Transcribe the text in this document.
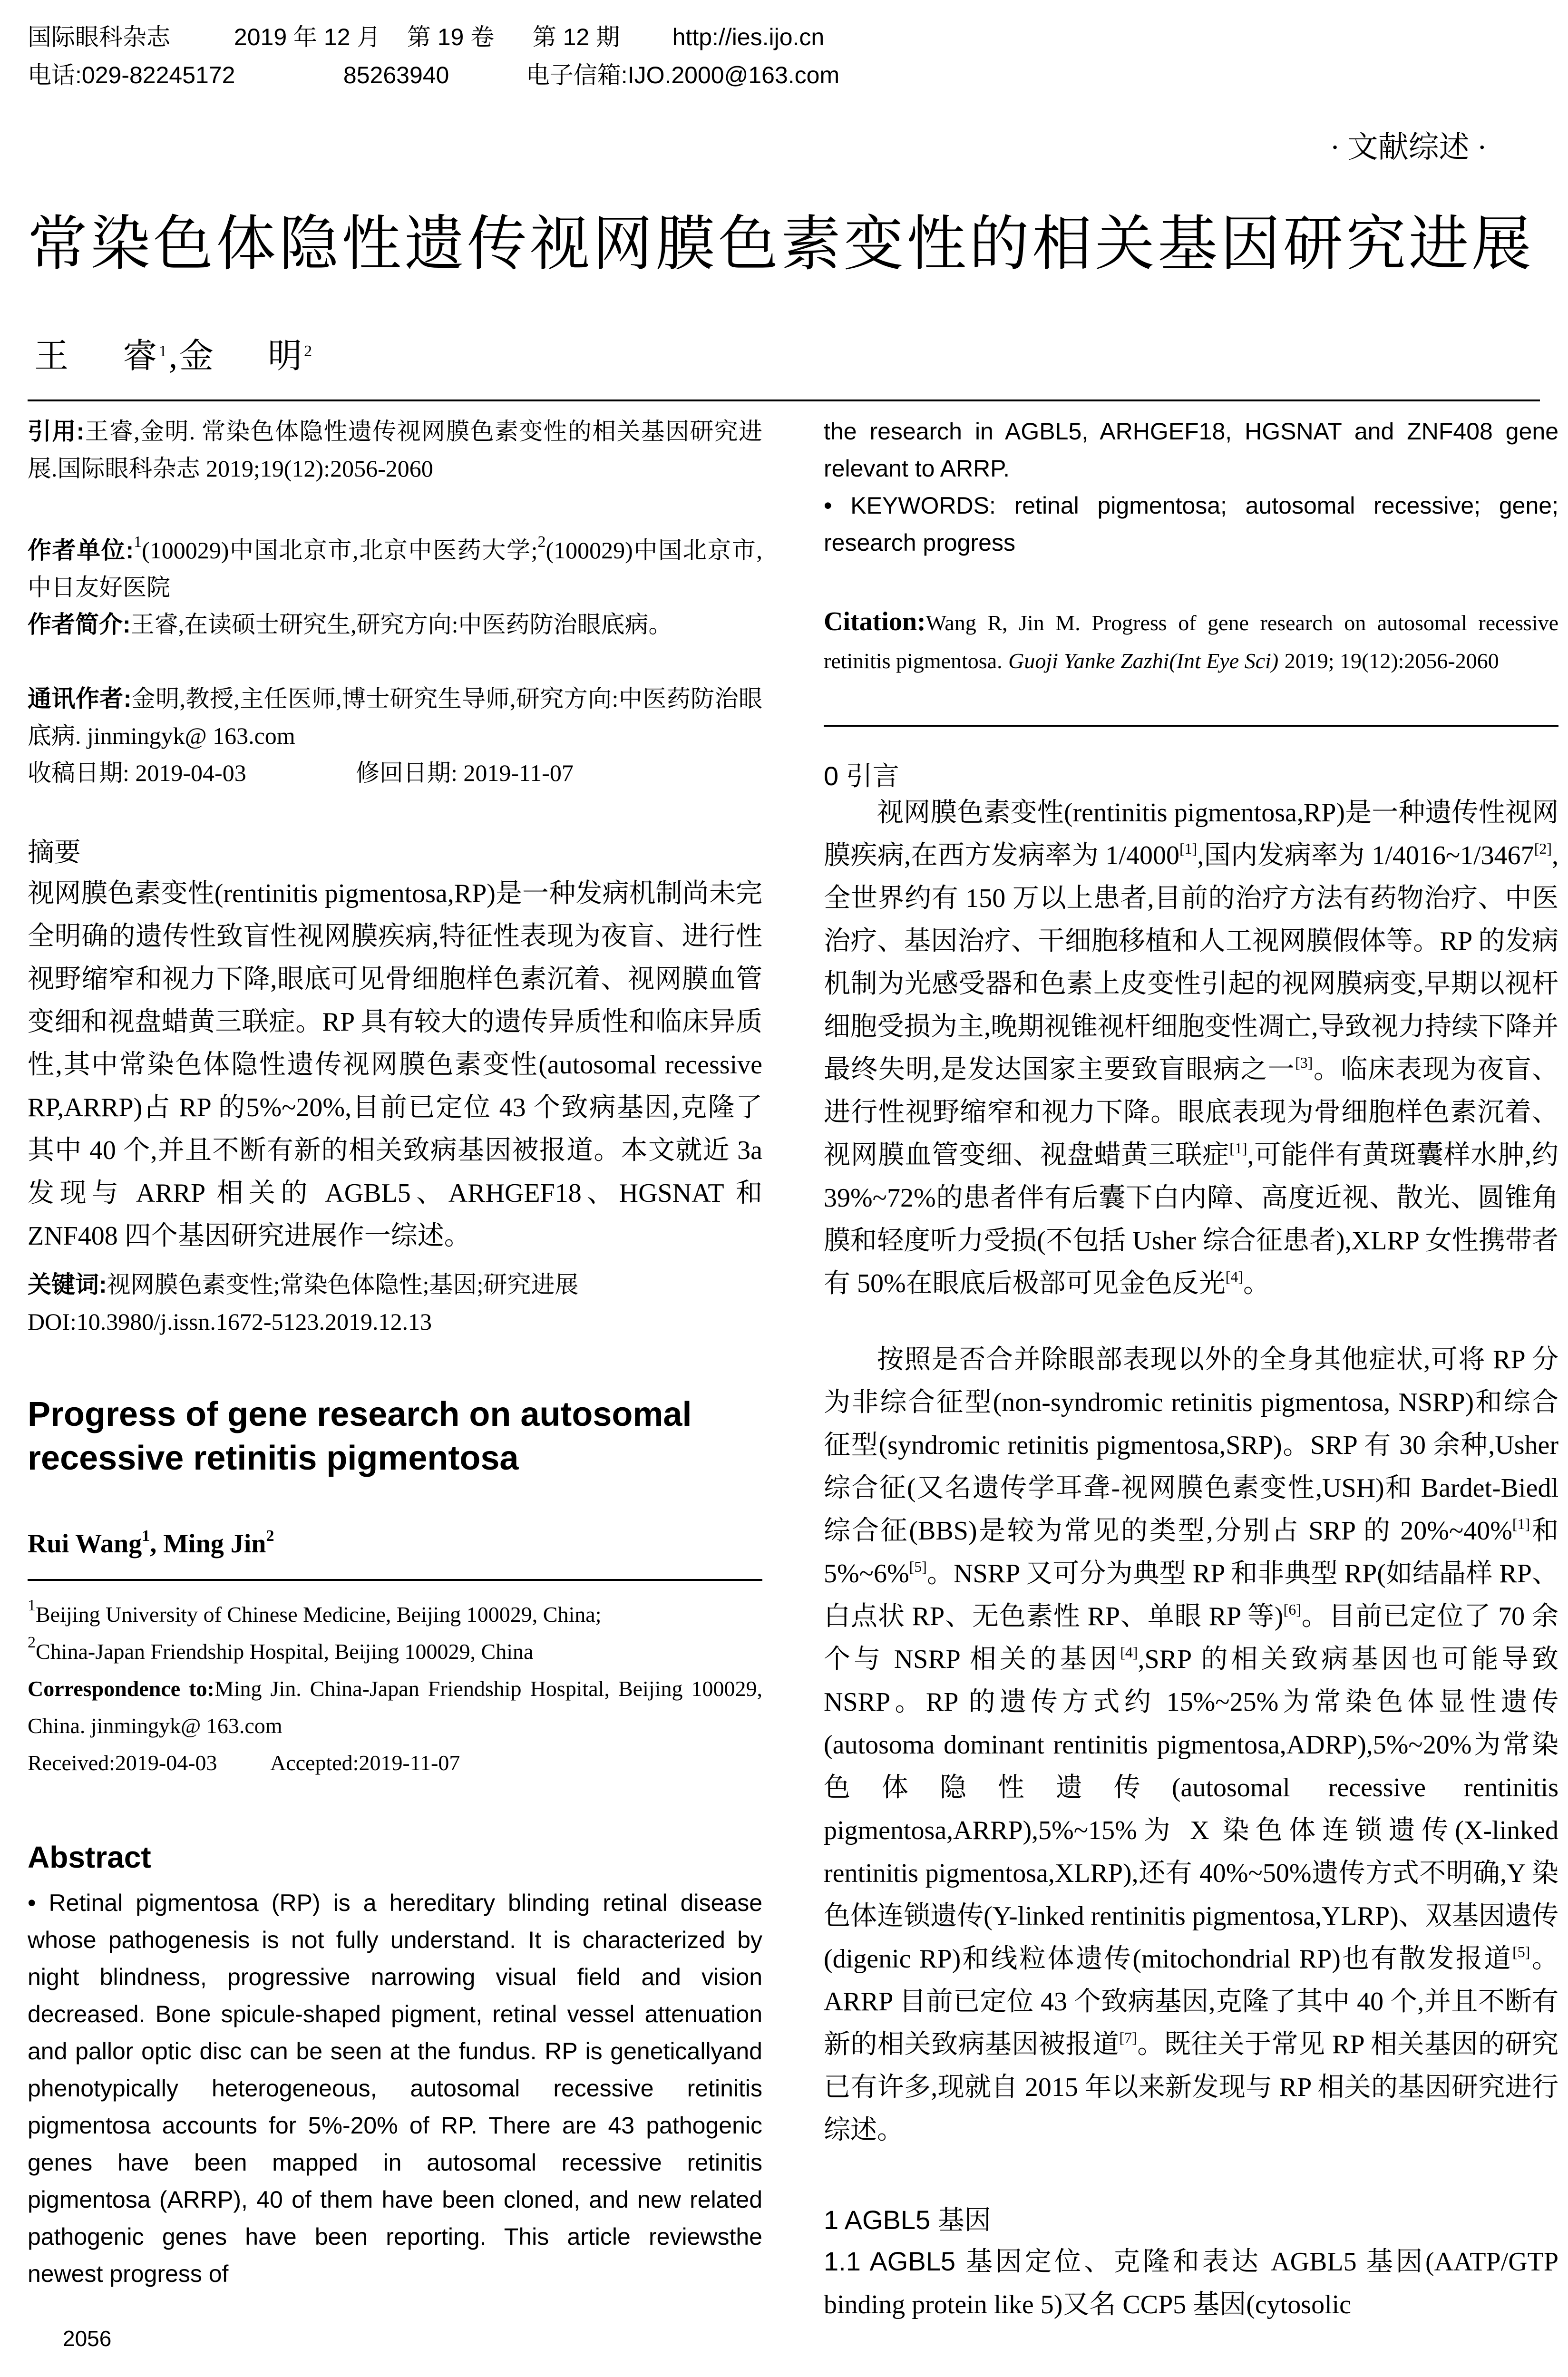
国际眼科杂志	2019 年 12 月 第 19 卷 第 12 期 http://ies.ijo.cn
电话:029-82245172	85263940	电子信箱:IJO.2000@163.com
· 文献综述 ·
常染色体隐性遗传视网膜色素变性的相关基因研究进展
王 睿$^1$,金 明$^2$
引用:王睿,金明. 常染色体隐性遗传视网膜色素变性的相关基因研究进展.国际眼科杂志 2019;19(12):2056-2060
作者单位:$^1$(100029)中国北京市,北京中医药大学;$^2$(100029)中国北京市,中日友好医院
作者简介:王睿,在读硕士研究生,研究方向:中医药防治眼底病。
通讯作者:金明,教授,主任医师,博士研究生导师,研究方向:中医药防治眼底病. jinmingyk@ 163.com
收稿日期: 2019-04-03	修回日期: 2019-11-07
摘要
视网膜色素变性(rentinitis pigmentosa,RP)是一种发病机制尚未完全明确的遗传性致盲性视网膜疾病,特征性表现为夜盲、进行性视野缩窄和视力下降,眼底可见骨细胞样色素沉着、视网膜血管变细和视盘蜡黄三联症。RP 具有较大的遗传异质性和临床异质性,其中常染色体隐性遗传视网膜色素变性(autosomal recessive RP,ARRP)占 RP 的5%~20%,目前已定位 43 个致病基因,克隆了其中 40 个,并且不断有新的相关致病基因被报道。本文就近 3a 发现与 ARRP 相关的 AGBL5、ARHGEF18、HGSNAT 和 ZNF408 四个基因研究进展作一综述。
关键词:视网膜色素变性;常染色体隐性;基因;研究进展
DOI:10.3980/j.issn.1672-5123.2019.12.13
Progress of gene research on autosomal recessive retinitis pigmentosa
Rui Wang$^1$, Ming Jin$^2$
$^1$Beijing University of Chinese Medicine, Beijing 100029, China;
$^2$China-Japan Friendship Hospital, Beijing 100029, China
Correspondence to:Ming Jin. China-Japan Friendship Hospital, Beijing 100029, China. jinmingyk@ 163.com
Received:2019-04-03 Accepted:2019-11-07
Abstract
• Retinal pigmentosa (RP) is a hereditary blinding retinal disease whose pathogenesis is not fully understand. It is characterized by night blindness, progressive narrowing visual field and vision decreased. Bone spicule-shaped pigment, retinal vessel attenuation and pallor optic disc can be seen at the fundus. RP is geneticallyand phenotypically heterogeneous, autosomal recessive retinitis pigmentosa accounts for 5%-20% of RP. There are 43 pathogenic genes have been mapped in autosomal recessive retinitis pigmentosa (ARRP), 40 of them have been cloned, and new related pathogenic genes have been reporting. This article reviewsthe newest progress of
the research in AGBL5, ARHGEF18, HGSNAT and ZNF408 gene relevant to ARRP.
• KEYWORDS: retinal pigmentosa; autosomal recessive; gene; research progress
Citation:Wang R, Jin M. Progress of gene research on autosomal recessive retinitis pigmentosa. Guoji Yanke Zazhi(Int Eye Sci) 2019; 19(12):2056-2060
0 引言
视网膜色素变性(rentinitis pigmentosa,RP)是一种遗传性视网膜疾病,在西方发病率为 1/4000[1],国内发病率为 1/4016~1/3467[2],全世界约有 150 万以上患者,目前的治疗方法有药物治疗、中医治疗、基因治疗、干细胞移植和人工视网膜假体等。RP 的发病机制为光感受器和色素上皮变性引起的视网膜病变,早期以视杆细胞受损为主,晚期视锥视杆细胞变性凋亡,导致视力持续下降并最终失明,是发达国家主要致盲眼病之一[3]。临床表现为夜盲、进行性视野缩窄和视力下降。眼底表现为骨细胞样色素沉着、视网膜血管变细、视盘蜡黄三联症[1],可能伴有黄斑囊样水肿,约 39%~72%的患者伴有后囊下白内障、高度近视、散光、圆锥角膜和轻度听力受损(不包括 Usher 综合征患者),XLRP 女性携带者有 50%在眼底后极部可见金色反光[4]。
按照是否合并除眼部表现以外的全身其他症状,可将 RP 分为非综合征型(non-syndromic retinitis pigmentosa, NSRP)和综合征型(syndromic retinitis pigmentosa,SRP)。SRP 有 30 余种,Usher 综合征(又名遗传学耳聋-视网膜色素变性,USH)和 Bardet-Biedl 综合征(BBS)是较为常见的类型,分别占 SRP 的 20%~40%[1]和 5%~6%[5]。NSRP 又可分为典型 RP 和非典型 RP(如结晶样 RP、白点状 RP、无色素性 RP、单眼 RP 等)[6]。目前已定位了 70 余个与 NSRP 相关的基因[4],SRP 的相关致病基因也可能导致 NSRP。RP 的遗传方式约 15%~25%为常染色体显性遗传(autosoma dominant rentinitis pigmentosa,ADRP),5%~20%为常染色体隐性遗传(autosomal recessive rentinitis pigmentosa,ARRP),5%~15%为 X 染色体连锁遗传(X-linked rentinitis pigmentosa,XLRP),还有 40%~50%遗传方式不明确,Y 染色体连锁遗传(Y-linked rentinitis pigmentosa,YLRP)、双基因遗传(digenic RP)和线粒体遗传(mitochondrial RP)也有散发报道[5]。ARRP 目前已定位 43 个致病基因,克隆了其中 40 个,并且不断有新的相关致病基因被报道[7]。既往关于常见 RP 相关基因的研究已有许多,现就自 2015 年以来新发现与 RP 相关的基因研究进行综述。
1 AGBL5 基因
1.1 AGBL5 基因定位、克隆和表达 AGBL5 基因(AATP/GTP binding protein like 5)又名 CCP5 基因(cytosolic
2056
